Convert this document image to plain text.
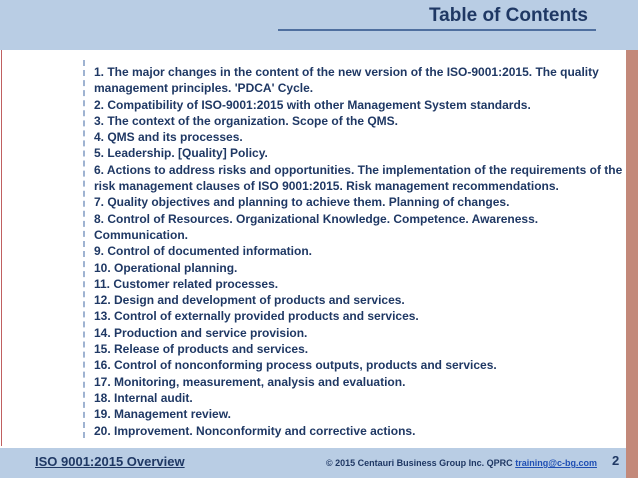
Table of Contents
1. The major changes in the content of the new version of the ISO-9001:2015. The quality management principles. 'PDCA' Cycle.
2. Compatibility of ISO-9001:2015 with other Management System standards.
3. The context of the organization. Scope of the QMS.
4. QMS and its processes.
5. Leadership. [Quality] Policy.
6. Actions to address risks and opportunities. The implementation of the requirements of the risk management clauses of ISO 9001:2015. Risk management recommendations.
7. Quality objectives and planning to achieve them. Planning of changes.
8. Control of Resources. Organizational Knowledge. Competence. Awareness. Communication.
9. Control of documented information.
10. Operational planning.
11. Customer related processes.
12. Design and development of products and services.
13. Control of externally provided products and services.
14. Production and service provision.
15. Release of products and services.
16. Control of nonconforming process outputs, products and services.
17. Monitoring, measurement, analysis and evaluation.
18. Internal audit.
19. Management review.
20. Improvement. Nonconformity and corrective actions.
ISO 9001:2015 Overview	© 2015 Centauri Business Group Inc. QPRC training@c-bg.com 2
